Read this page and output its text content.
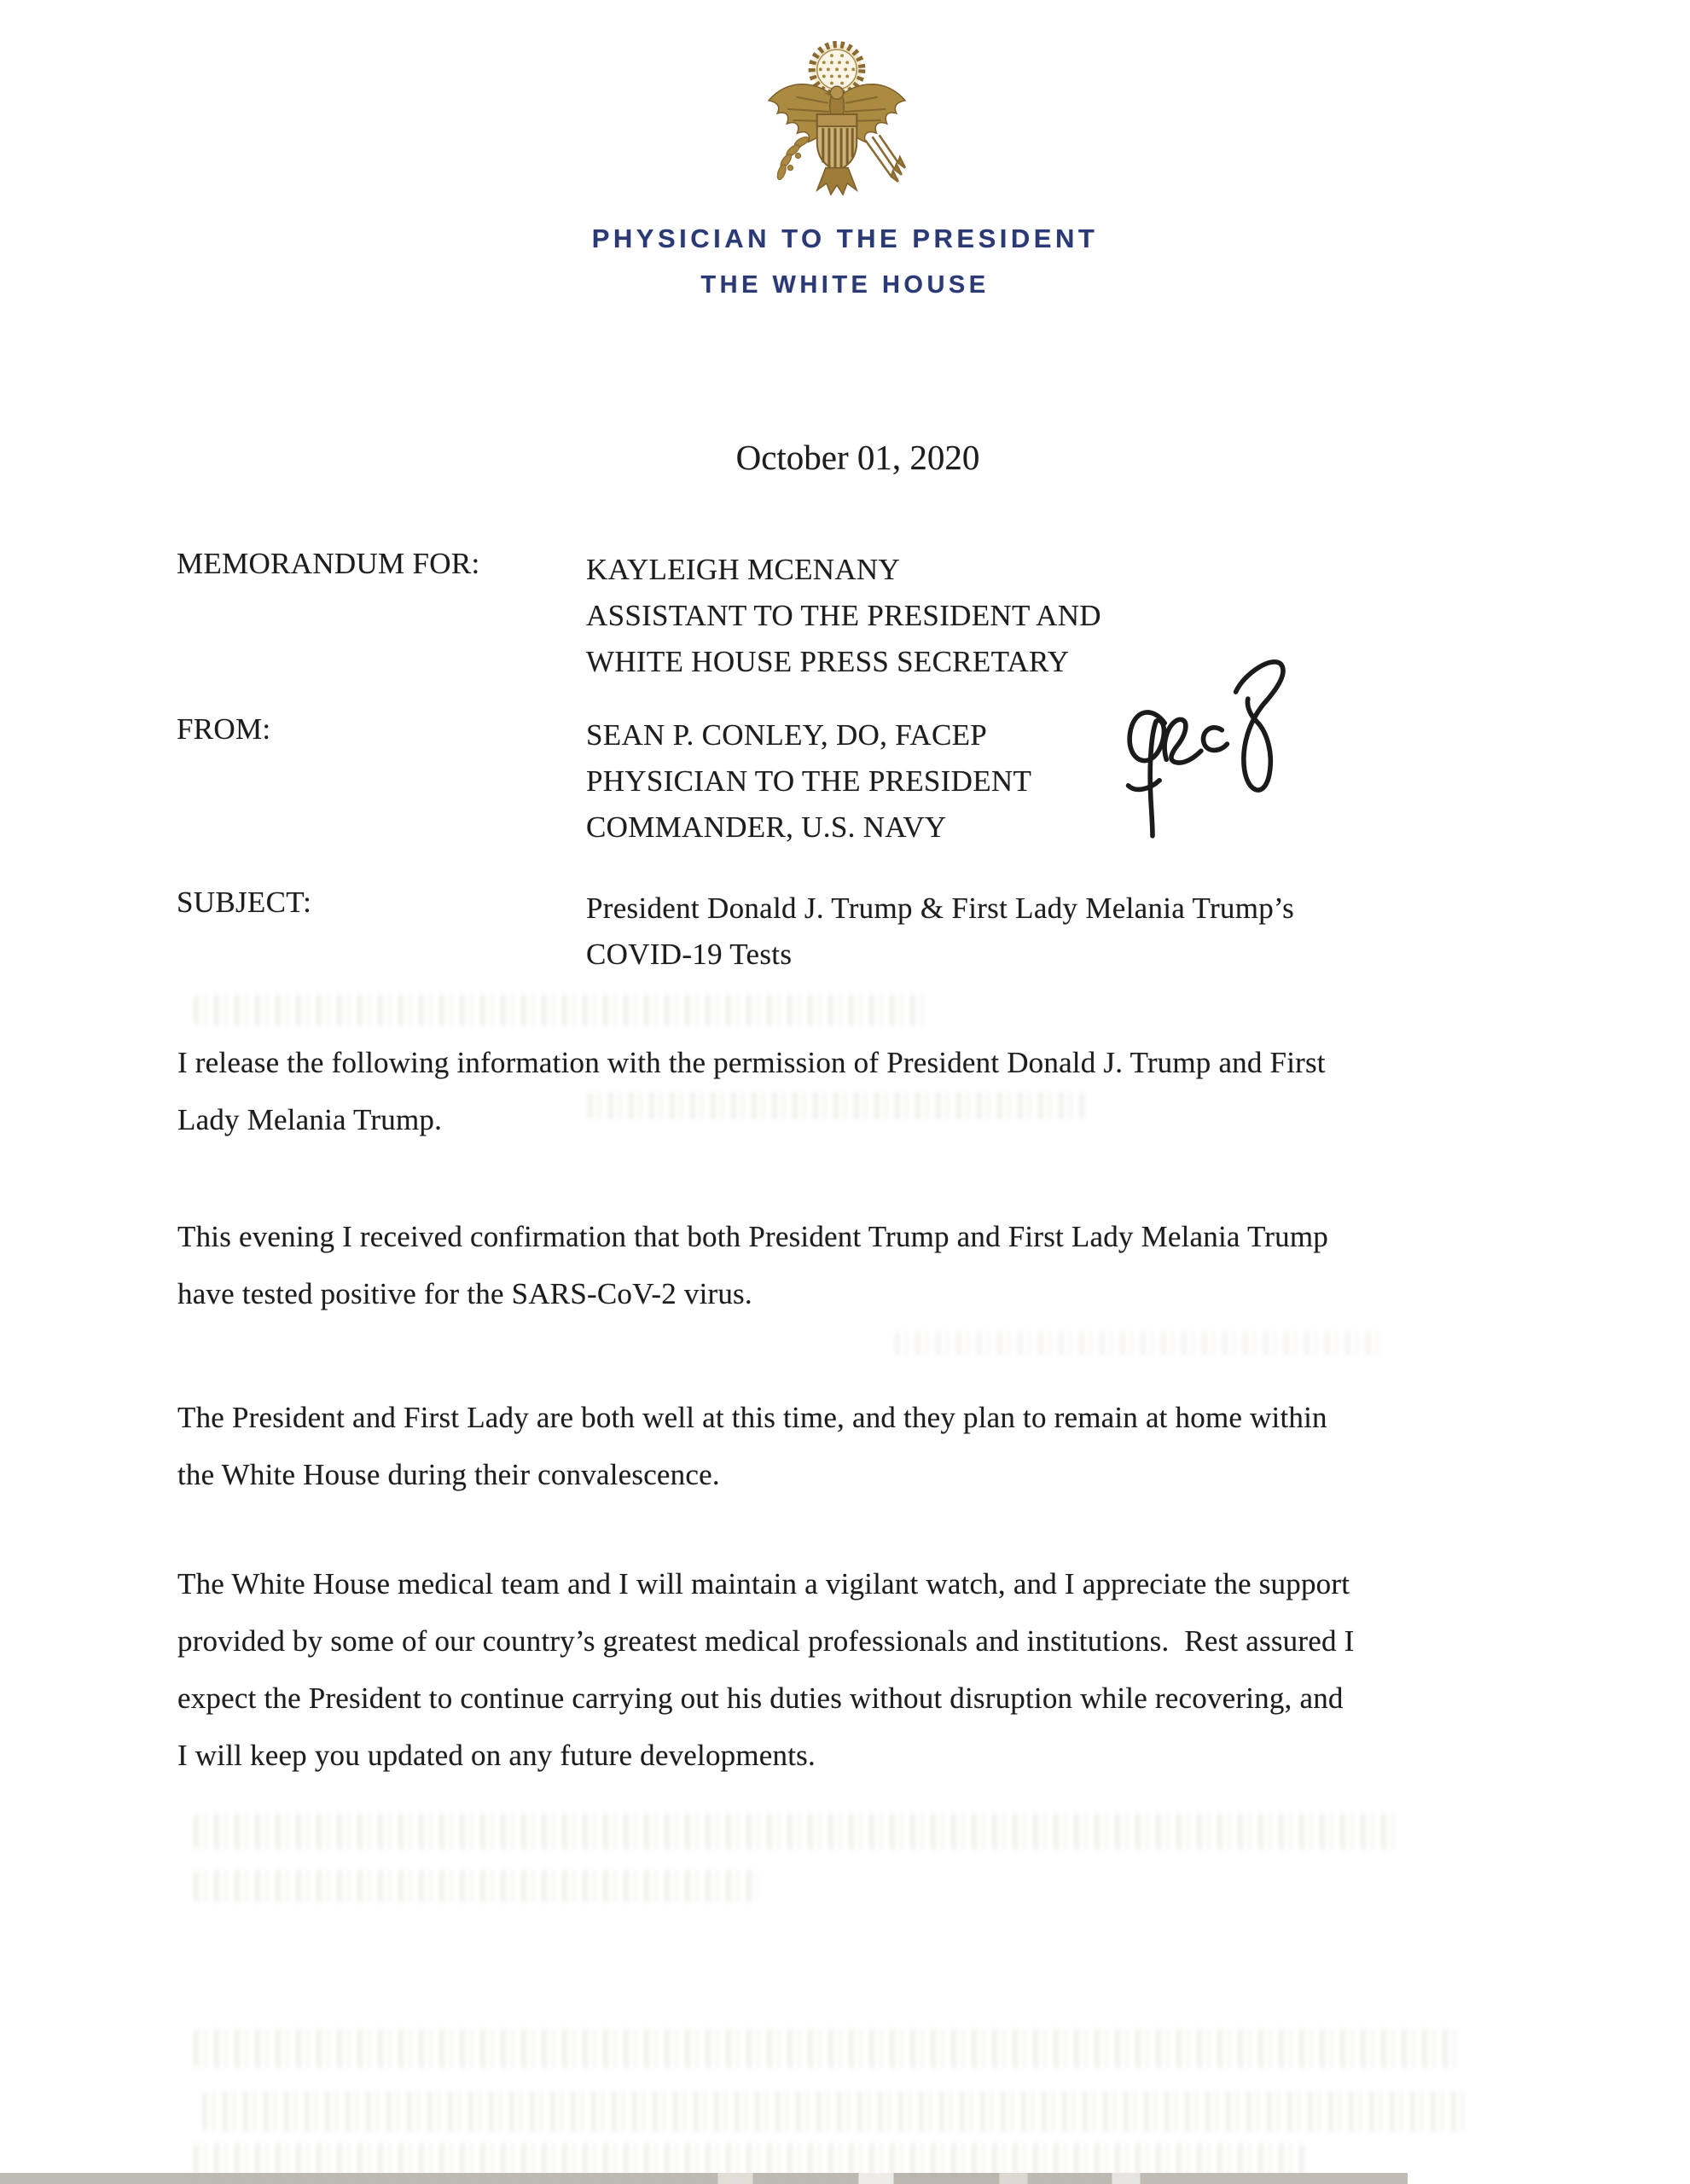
PHYSICIAN TO THE PRESIDENT
THE WHITE HOUSE
October 01, 2020
MEMORANDUM FOR:	KAYLEIGH MCENANY
ASSISTANT TO THE PRESIDENT AND
WHITE HOUSE PRESS SECRETARY
FROM:	SEAN P. CONLEY, DO, FACEP
PHYSICIAN TO THE PRESIDENT
COMMANDER, U.S. NAVY
SUBJECT:	President Donald J. Trump & First Lady Melania Trump’s
COVID-19 Tests
I release the following information with the permission of President Donald J. Trump and First
Lady Melania Trump.
This evening I received confirmation that both President Trump and First Lady Melania Trump
have tested positive for the SARS-CoV-2 virus.
The President and First Lady are both well at this time, and they plan to remain at home within
the White House during their convalescence.
The White House medical team and I will maintain a vigilant watch, and I appreciate the support
provided by some of our country’s greatest medical professionals and institutions.  Rest assured I
expect the President to continue carrying out his duties without disruption while recovering, and
I will keep you updated on any future developments.
